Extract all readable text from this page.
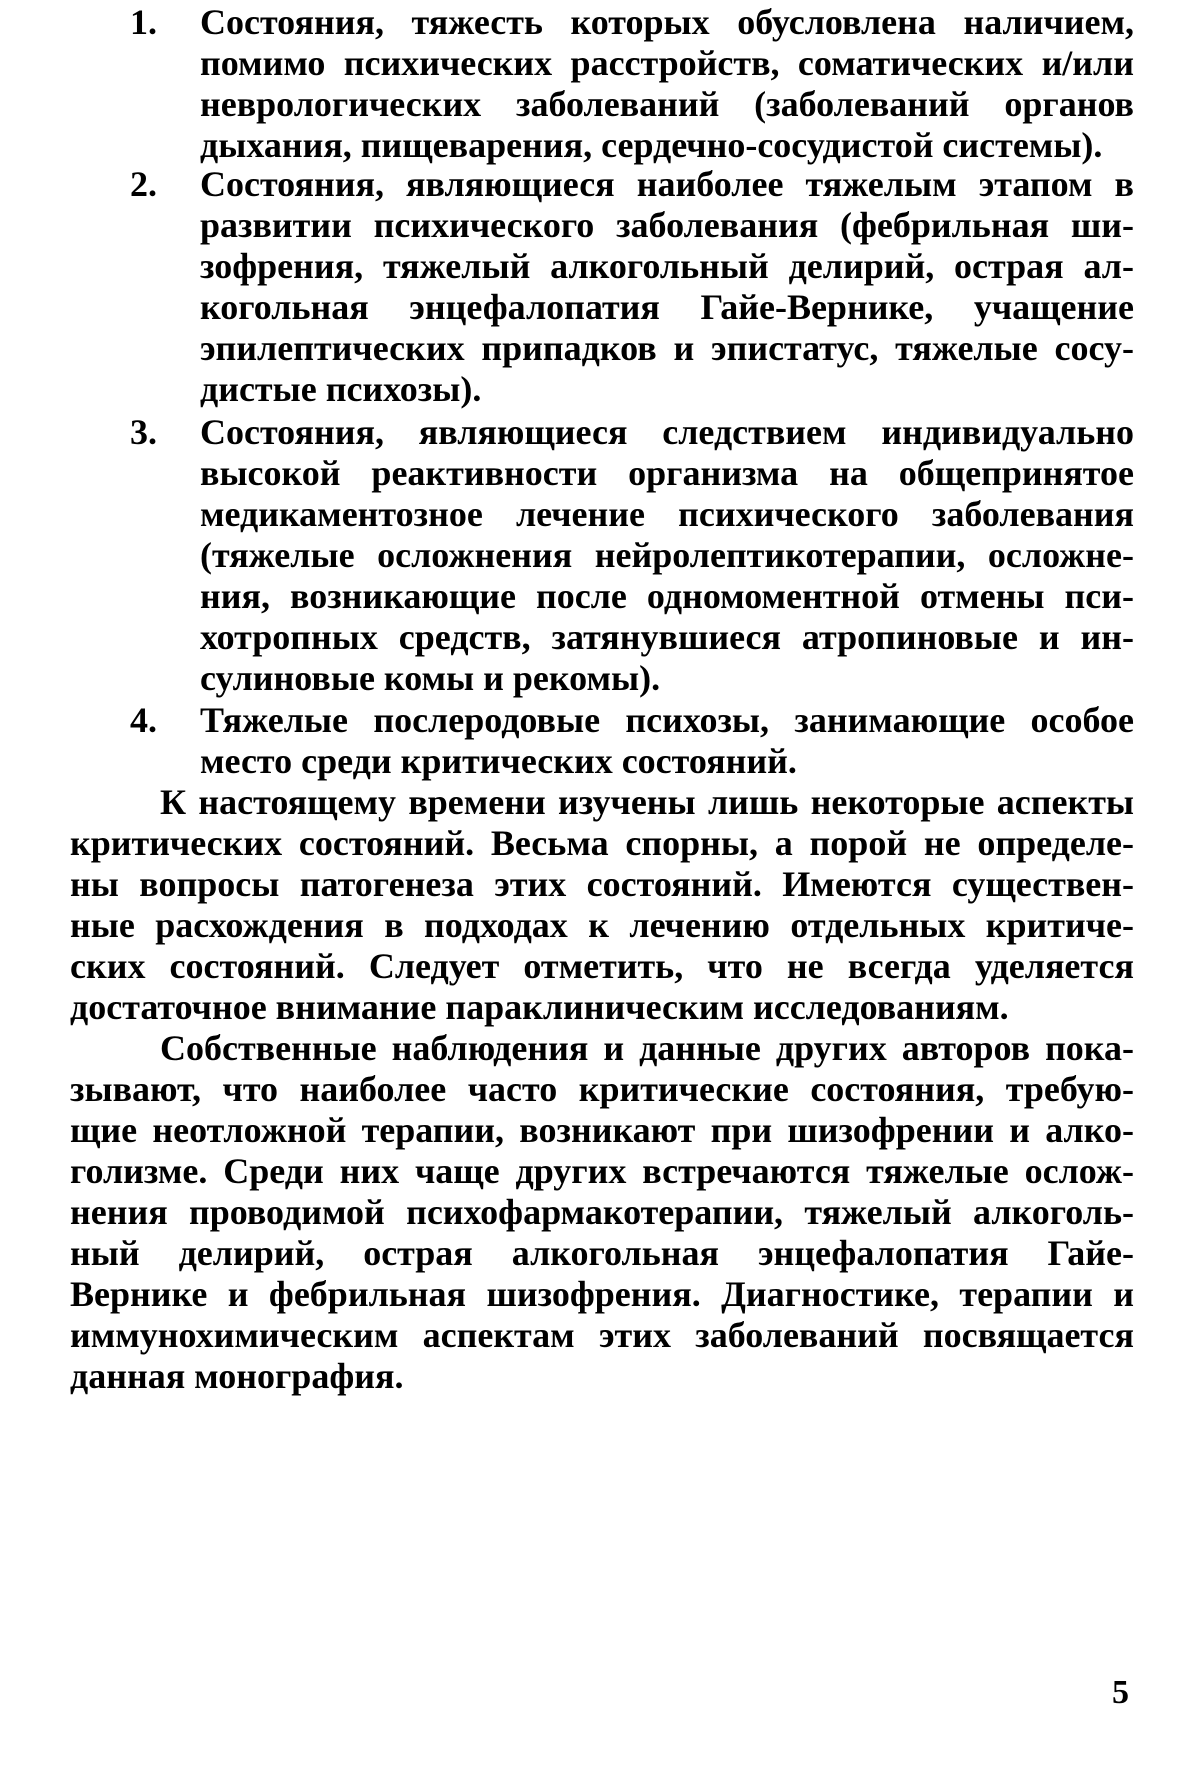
1.	Состояния, тяжесть которых обусловлена наличием,
помимо психических расстройств, соматических и/или
неврологических заболеваний (заболеваний органов
дыхания, пищеварения, сердечно-сосудистой системы).
2.	Состояния, являющиеся наиболее тяжелым этапом в
развитии психического заболевания (фебрильная ши-
зофрения, тяжелый алкогольный делирий, острая ал-
когольная энцефалопатия Гайе-Вернике, учащение
эпилептических припадков и эпистатус, тяжелые сосу-
дистые психозы).
3.	Состояния, являющиеся следствием индивидуально
высокой реактивности организма на общепринятое
медикаментозное лечение психического заболевания
(тяжелые осложнения нейролептикотерапии, осложне-
ния, возникающие после одномоментной отмены пси-
хотропных средств, затянувшиеся атропиновые и ин-
сулиновые комы и рекомы).
4.	Тяжелые послеродовые психозы, занимающие особое
место среди критических состояний.
К настоящему времени изучены лишь некоторые аспекты
критических состояний. Весьма спорны, а порой не определе-
ны вопросы патогенеза этих состояний. Имеются существен-
ные расхождения в подходах к лечению отдельных критиче-
ских состояний. Следует отметить, что не всегда уделяется
достаточное внимание параклиническим исследованиям.
Собственные наблюдения и данные других авторов пока-
зывают, что наиболее часто критические состояния, требую-
щие неотложной терапии, возникают при шизофрении и алко-
голизме. Среди них чаще других встречаются тяжелые ослож-
нения проводимой психофармакотерапии, тяжелый алкоголь-
ный делирий, острая алкогольная энцефалопатия Гайе-
Вернике и фебрильная шизофрения. Диагностике, терапии и
иммунохимическим аспектам этих заболеваний посвящается
данная монография.
5
